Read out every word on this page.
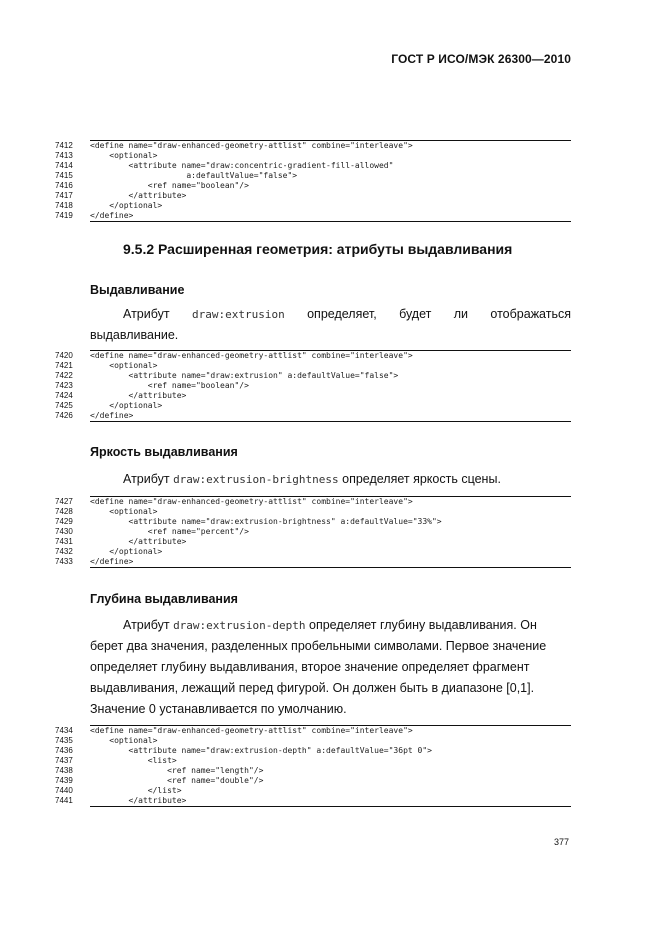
ГОСТ Р ИСО/МЭК 26300—2010
7412	<define name="draw-enhanced-geometry-attlist" combine="interleave">
7413	<optional>
7414	<attribute name="draw:concentric-gradient-fill-allowed"
7415	a:defaultValue="false">
7416	<ref name="boolean"/>
7417	</attribute>
7418	</optional>
7419	</define>
9.5.2 Расширенная геометрия: атрибуты выдавливания
Выдавливание
Атрибут draw:extrusion определяет, будет ли отображаться
выдавливание.
7420	<define name="draw-enhanced-geometry-attlist" combine="interleave">
7421	<optional>
7422	<attribute name="draw:extrusion" a:defaultValue="false">
7423	<ref name="boolean"/>
7424	</attribute>
7425	</optional>
7426	</define>
Яркость выдавливания
Атрибут draw:extrusion-brightness определяет яркость сцены.
7427	<define name="draw-enhanced-geometry-attlist" combine="interleave">
7428	<optional>
7429	<attribute name="draw:extrusion-brightness" a:defaultValue="33%">
7430	<ref name="percent"/>
7431	</attribute>
7432	</optional>
7433	</define>
Глубина выдавливания
Атрибут draw:extrusion-depth определяет глубину выдавливания. Он
берет два значения, разделенных пробельными символами. Первое значение
определяет глубину выдавливания, второе значение определяет фрагмент
выдавливания, лежащий перед фигурой. Он должен быть в диапазоне [0,1].
Значение 0 устанавливается по умолчанию.
7434	<define name="draw-enhanced-geometry-attlist" combine="interleave">
7435	<optional>
7436	<attribute name="draw:extrusion-depth" a:defaultValue="36pt 0">
7437	<list>
7438	<ref name="length"/>
7439	<ref name="double"/>
7440	</list>
7441	</attribute>
377
